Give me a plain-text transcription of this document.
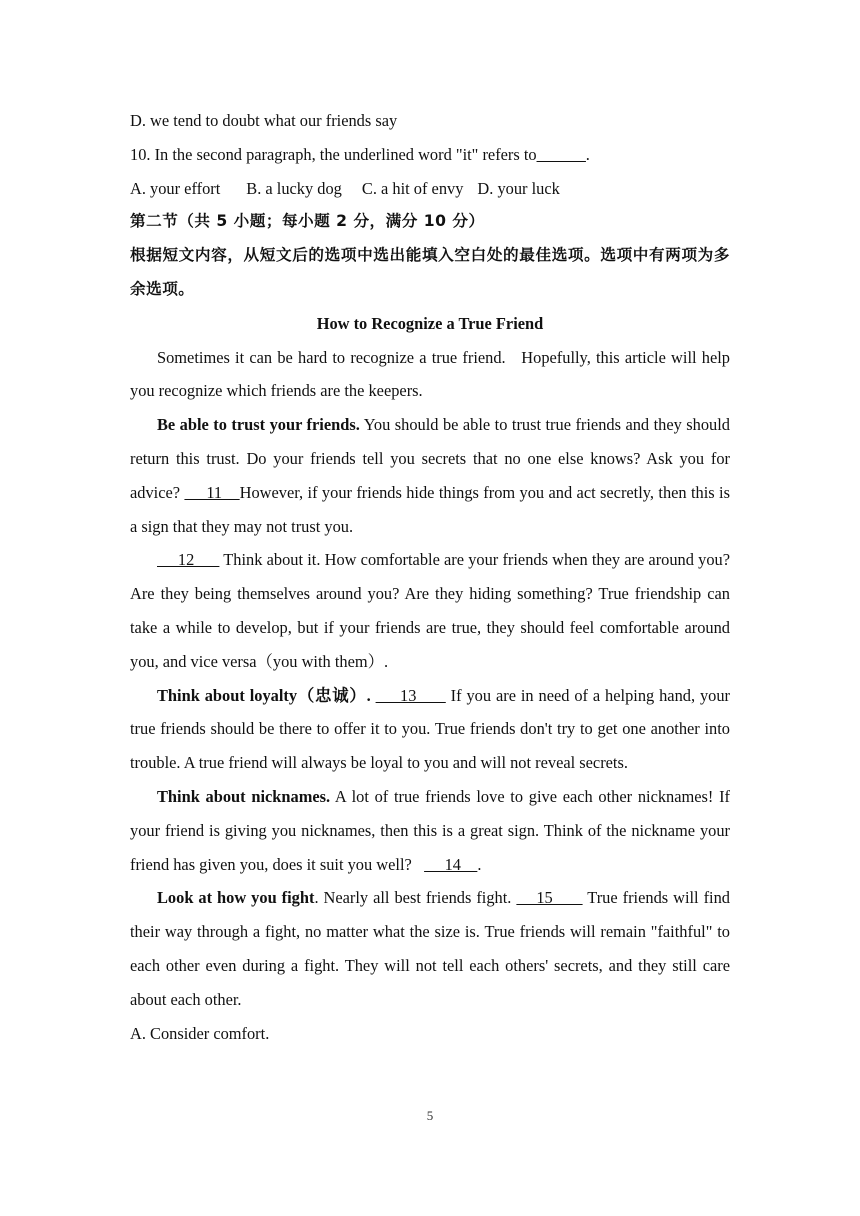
D. we tend to doubt what our friends say
10. In the second paragraph, the underlined word "it" refers to______.
A. your effort B. a lucky dog C. a hit of envy D. your luck
第二节（共 5 小题；每小题 2 分，满分 10 分）
根据短文内容，从短文后的选项中选出能填入空白处的最佳选项。选项中有两项为多余选项。
How to Recognize a True Friend
Sometimes it can be hard to recognize a true friend.   Hopefully, this article will help you recognize which friends are the keepers.
Be able to trust your friends. You should be able to trust true friends and they should return this trust. Do your friends tell you secrets that no one else knows? Ask you for advice?      11    However, if your friends hide things from you and act secretly, then this is a sign that they may not trust you.
12       Think about it. How comfortable are your friends when they are around you? Are they being themselves around you? Are they hiding something? True friendship can take a while to develop, but if your friends are true, they should feel comfortable around you, and vice versa（you with them）.
Think about loyalty（忠诚）.      13       If you are in need of a helping hand, your true friends should be there to offer it to you. True friends don't try to get one another into trouble. A true friend will always be loyal to you and will not reveal secrets.
Think about nicknames. A lot of true friends love to give each other nicknames! If your friend is giving you nicknames, then this is a great sign. Think of the nickname your friend has given you, does it suit you well?        14    .
Look at how you fight. Nearly all best friends fight.     15       True friends will find their way through a fight, no matter what the size is. True friends will remain "faithful" to each other even during a fight. They will not tell each others' secrets, and they still care about each other.
A. Consider comfort.
5
